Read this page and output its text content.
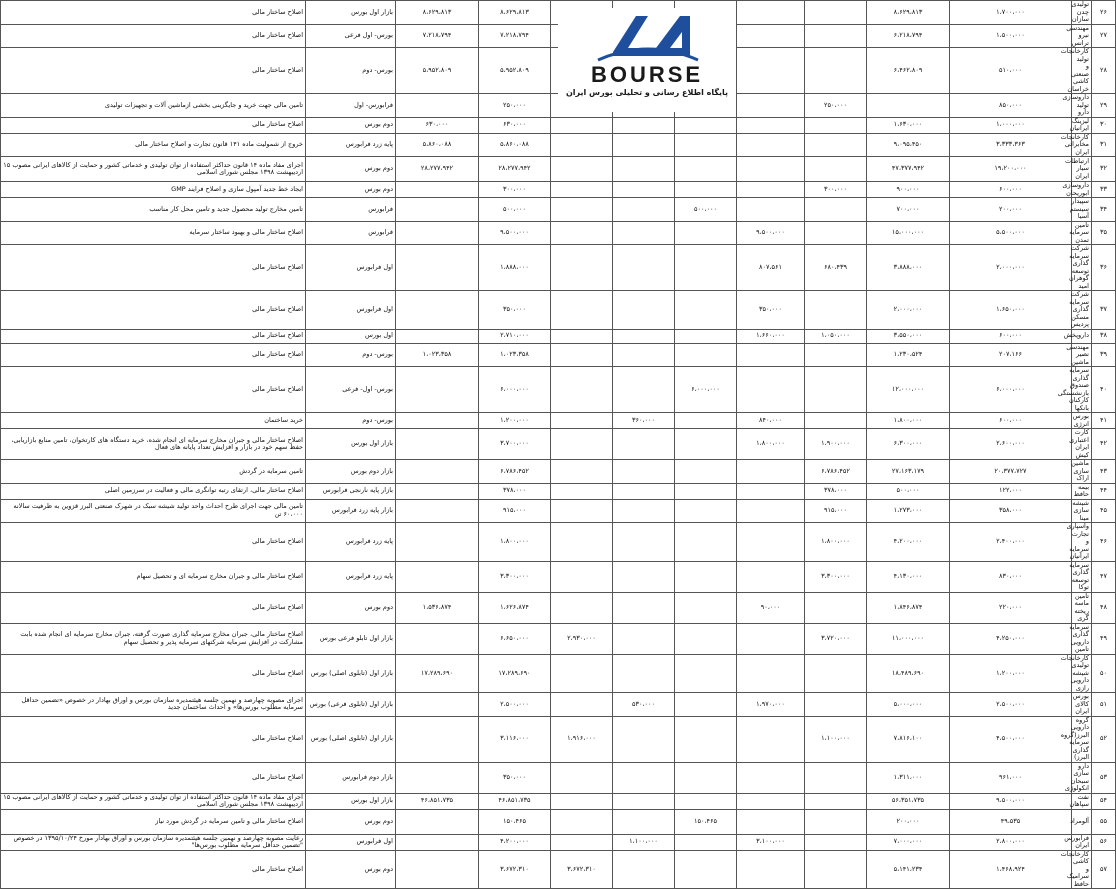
اصلاح ساختار مالی	بازار اول بورس	۸،۶۲۹،۸۱۳	۸،۶۲۹،۸۱۳						۸،۶۲۹،۸۱۳	۱،۷۰۰،۰۰۰	تولیدی چدن سازان	۲۶
اصلاح ساختار مالی	بورس- اول فرعی	۷،۲۱۸،۷۹۴	۷،۲۱۸،۷۹۴						۶،۲۱۸،۷۹۴	۱،۵۰۰،۰۰۰	مهندسی نیرو ترانس	۲۷
اصلاح ساختار مالی	بورس- دوم	۵،۹۵۲،۸۰۹	۵،۹۵۲،۸۰۹						۶،۴۶۲،۸۰۹	۵۱۰،۰۰۰	کارخانجات تولید و صنعتی کاشی خراسان	۲۸
تامین مالی جهت خرید و جایگزینی بخشی ازماشین آلات و تجهیزات تولیدی	فرابورس- اول		۲۵۰،۰۰۰					۲۵۰،۰۰۰		۸۵۰،۰۰۰	داروسازی تولید دارو	۲۹
اصلاح ساختار مالی	دوم بورس	۶۳۰،۰۰۰	۶۳۰،۰۰۰						۱،۶۳۰،۰۰۰	۱،۰۰۰،۰۰۰	لیزینگ ایرانیان	۳۰
خروج از شمولیت ماده ۱۴۱ قانون تجارت و اصلاح ساختار مالی	پایه زرد فرابورس	۵،۸۶۰،۰۸۸	۵،۸۶۰،۰۸۸						۹،۰۹۵،۴۵۰	۳،۳۳۳،۳۶۳	کارخانجات مخابراتی ایران	۳۱
اجرای مفاد ماده ۱۴ قانون حداکثر استفاده از توان تولیدی و خدماتی کشور و حمایت از کالاهای ایرانی مصوب ۱۵ اردیبهشت ۱۳۹۸ مجلس شورای اسلامی	دوم بورس	۲۸،۲۷۷،۹۴۲	۲۸،۲۷۷،۹۴۲						۴۷،۳۷۷،۹۴۲	۱۹،۲۰۰،۰۰۰	ارتباطات سیار ایران	۳۲
ایجاد خط جدید آمپول سازی و اصلاح فرایند GMP	دوم بورس		۳۰۰،۰۰۰					۳۰۰،۰۰۰	۹۰۰،۰۰۰	۶۰۰،۰۰۰	داروسازی ابوریحان	۳۳
تامین مخارج تولید محصول جدید و تامین محل کار مناسب	فرابورس		۵۰۰،۰۰۰			۵۰۰،۰۰۰			۷۰۰،۰۰۰	۲۰۰،۰۰۰	سپیدار سیستم آسیا	۳۴
اصلاح ساختار مالی و بهبود ساختار سرمایه	فرابورس		۹،۵۰۰،۰۰۰				۹،۵۰۰،۰۰۰		۱۵،۰۰۰،۰۰۰	۵،۵۰۰،۰۰۰	تامین سرمایه تمدن	۳۵
اصلاح ساختار مالی	اول فرابورس		۱،۸۸۸،۰۰۰				۸۰۷،۵۶۱	۶۸۰،۴۳۹	۳،۸۸۸،۰۰۰	۲،۰۰۰،۰۰۰	شرکت سرمایه گذاری توسعه گوهران امید	۳۶
اصلاح ساختار مالی	اول فرابورس		۳۵۰،۰۰۰				۳۵۰،۰۰۰		۲،۰۰۰،۰۰۰	۱،۶۵۰،۰۰۰	شرکت سرمایه گذاری مسکن پردیس	۳۷
اصلاح ساختار مالی	اول بورس		۲،۷۱۰،۰۰۰				۱،۶۶۰،۰۰۰	۱،۰۵۰،۰۰۰	۳،۵۵۰،۰۰۰	۶۰۰،۰۰۰	داروپخش	۳۸
اصلاح ساختار مالی	بورس- دوم	۱،۰۲۳،۳۵۸	۱،۰۲۳،۳۵۸						۱،۲۳۰،۵۲۴	۲۰۷،۱۶۶	مهندسی نصیر ماشین	۳۹
اصلاح ساختار مالی	بورس- اول- فرعی		۶،۰۰۰،۰۰۰			۶،۰۰۰،۰۰۰			۱۲،۰۰۰،۰۰۰	۶،۰۰۰،۰۰۰	سرمایه گذاری صندوق بازنشستگی کارکنان بانکها	۴۰
خرید ساختمان	بورس- دوم		۱،۲۰۰،۰۰۰		۳۶۰،۰۰۰		۸۴۰،۰۰۰		۱،۸۰۰،۰۰۰	۶۰۰،۰۰۰	بورس انرژی	۴۱
اصلاح ساختار مالی و جبران مخارج سرمایه ای انجام شده، خرید دستگاه های کارتخوان، تامین منابع بازاریابی، حفظ سهم خود در بازار و افزایش تعداد پایانه های فعال	بازار اول بورس		۳،۷۰۰،۰۰۰				۱،۸۰۰،۰۰۰	۱،۹۰۰،۰۰۰	۶،۳۰۰،۰۰۰	۲،۶۰۰،۰۰۰	کارت اعتباری ایران کیش	۴۲
تامین سرمایه در گردش	بازار دوم بورس		۶،۷۸۶،۴۵۲					۶،۷۸۶،۴۵۲	۲۷،۱۶۳،۱۷۹	۲۰،۳۷۷،۷۲۷	ماشین سازی اراک	۴۳
اصلاح ساختار مالی، ارتقای رتبه توانگری مالی و فعالیت در سرزمین اصلی	بازار پایه نارنجی فرابورس		۳۷۸،۰۰۰					۳۷۸،۰۰۰	۵۰۰،۰۰۰	۱۲۲،۰۰۰	بیمه حافظ	۴۴
تامین مالی جهت اجرای طرح احداث واحد تولید شیشه سبک در شهرک صنعتی البرز قزوین به ظرفیت سالانه ۶۰،۰۰۰ تن	بازار پایه زرد فرابورس		۹۱۵،۰۰۰					۹۱۵،۰۰۰	۱،۲۷۳،۰۰۰	۳۵۸،۰۰۰	شیشه سازی مینا	۴۵
اصلاح ساختار مالی	پایه زرد فرابورس		۱،۸۰۰،۰۰۰					۱،۸۰۰،۰۰۰	۴،۲۰۰،۰۰۰	۲،۴۰۰،۰۰۰	واسپاری تجارت و سرمایه ایرانیان	۴۶
اصلاح ساختار مالی و جبران مخارج سرمایه ای و تحصیل سهام	پایه زرد فرابورس		۳،۳۰۰،۰۰۰					۳،۳۰۰،۰۰۰	۴،۱۳۰،۰۰۰	۸۳۰،۰۰۰	سرمایه گذاری توسعه توکا	۴۷
اصلاح ساختار مالی	دوم بورس	۱،۵۳۶،۸۷۴	۱،۶۲۶،۸۷۴				۹۰،۰۰۰		۱،۸۴۶،۸۷۴	۲۲۰،۰۰۰	تامین ماسه ریخته گری	۴۸
اصلاح ساختار مالی، جبران مخارج سرمایه گذاری صورت گرفته، جبران مخارج سرمایه ای انجام شده بابت مشارکت در افزایش سرمایه شرکتهای سرمایه پذیر و تحصیل سهام	بازار اول تابلو فرعی بورس		۶،۶۵۰،۰۰۰	۲،۹۳۰،۰۰۰				۳،۷۲۰،۰۰۰	۱۱،۰۰۰،۰۰۰	۴،۲۵۰،۰۰۰	سرمایه گذاری دارویی تامین	۴۹
اصلاح ساختار مالی	بازار اول (تابلوی اصلی) بورس	۱۷،۲۸۹،۶۹۰	۱۷،۲۸۹،۶۹۰						۱۸،۴۸۹،۶۹۰	۱،۲۰۰،۰۰۰	کارخانجات تولیدی شیشه دارویی رازی	۵۰
اجرای مصوبه چهارصد و نهمین جلسه هیئتمدیره سازمان بورس و اوراق بهادار در خصوص «تضمین حداقل سرمایه مطلوب بورس‌ها» و احداث ساختمان جدید	بازار اول (تابلوی فرعی) بورس		۲،۵۰۰،۰۰۰		۵۳۰،۰۰۰		۱،۹۷۰،۰۰۰		۵،۰۰۰،۰۰۰	۲،۵۰۰،۰۰۰	بورس کالای ایران	۵۱
اصلاح ساختار مالی	بازار اول (تابلوی اصلی) بورس		۳،۱۱۶،۰۰۰	۱،۹۱۶،۰۰۰				۱،۱۰۰،۰۰۰	۷،۸۱۶،۱۰۰	۴،۵۰۰،۰۰۰	گروه دارویی البرز(گروه سرمایه گذاری البرز)	۵۲
اصلاح ساختار مالی	بازار دوم فرابورس		۳۵۰،۰۰۰						۱،۳۱۱،۰۰۰	۹۶۱،۰۰۰	دارو سازی سبحان انکولوژی	۵۳
اجرای مفاد ماده ۱۴ قانون حداکثر استفاده از توان تولیدی و خدماتی کشور و حمایت از کالاهای ایرانی مصوب ۱۵ اردیبهشت ۱۳۹۸ مجلس شورای اسلامی	بازار اول بورس	۴۶،۸۵۱،۷۳۵	۴۶،۸۵۱،۷۳۵						۵۶،۳۵۱،۷۳۵	۹،۵۰۰،۰۰۰	نفت سپاهان	۵۴
اصلاح ساختار مالی و تامین سرمایه در گردش مورد نیاز	دوم بورس		۱۵۰،۴۶۵			۱۵۰،۴۶۵			۲۰۰،۰۰۰	۴۹،۵۳۵	آلومراد	۵۵
رعایت مصوبه چهارصد و نهمین جلسه هیئتمدیره سازمان بورس و اوراق بهادار مورخ ۱۳۹۵/۱۰/۲۴ در خصوص "تضمین حداقل سرمایه مطلوب بورس‌ها"	اول فرابورس		۴،۲۰۰،۰۰۰		۱،۱۰۰،۰۰۰		۳،۱۰۰،۰۰۰		۷،۰۰۰،۰۰۰	۲،۸۰۰،۰۰۰	فرابورس ایران	۵۶
اصلاح ساختار مالی	دوم بورس		۳،۶۷۲،۳۱۰	۳،۶۷۲،۳۱۰					۵،۱۴۱،۲۳۴	۱،۴۶۸،۹۲۴	کارخانجات کاشی و سرامیک حافظ	۵۷
BOURSE
پایگاه اطلاع رسانی و تحلیلی بورس ایران
